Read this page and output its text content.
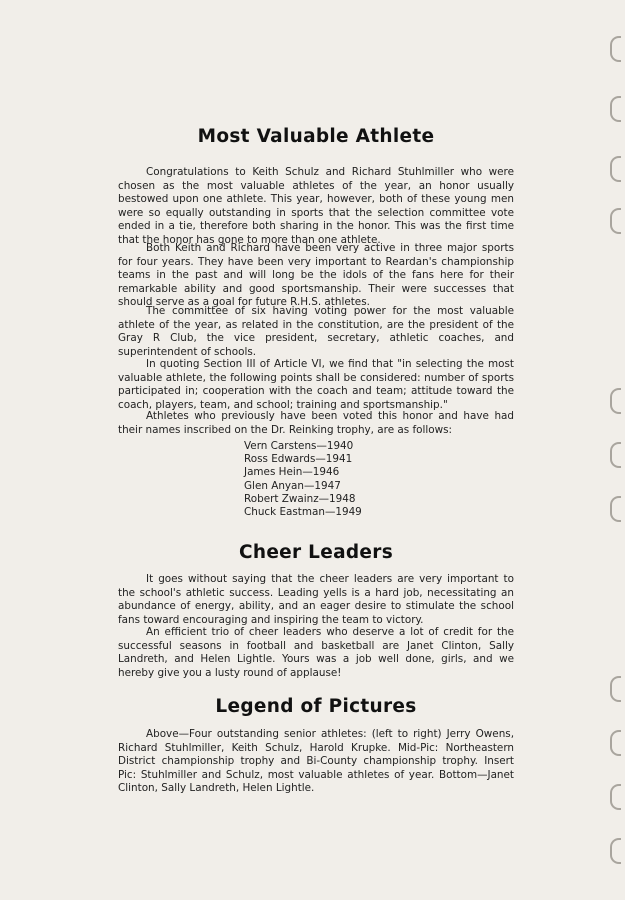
Most Valuable Athlete

Congratulations to Keith Schulz and Richard Stuhlmiller who were chosen as the most valuable athletes of the year, an honor usually bestowed upon one athlete. This year, however, both of these young men were so equally outstanding in sports that the selection committee vote ended in a tie, therefore both sharing in the honor. This was the first time that the honor has gone to more than one athlete.

Both Keith and Richard have been very active in three major sports for four years. They have been very important to Reardan's championship teams in the past and will long be the idols of the fans here for their remarkable ability and good sportsmanship. Their were successes that should serve as a goal for future R.H.S. athletes.

The committee of six having voting power for the most valuable athlete of the year, as related in the constitution, are the president of the Gray R Club, the vice president, secretary, athletic coaches, and superintendent of schools.

In quoting Section III of Article VI, we find that "in selecting the most valuable athlete, the following points shall be considered: number of sports participated in; cooperation with the coach and team; attitude toward the coach, players, team, and school; training and sportsmanship."

Athletes who previously have been voted this honor and have had their names inscribed on the Dr. Reinking trophy, are as follows:

Vern Carstens—1940
Ross Edwards—1941
James Hein—1946
Glen Anyan—1947
Robert Zwainz—1948
Chuck Eastman—1949
Cheer Leaders

It goes without saying that the cheer leaders are very important to the school's athletic success. Leading yells is a hard job, necessitating an abundance of energy, ability, and an eager desire to stimulate the school fans toward encouraging and inspiring the team to victory.

An efficient trio of cheer leaders who deserve a lot of credit for the successful seasons in football and basketball are Janet Clinton, Sally Landreth, and Helen Lightle. Yours was a job well done, girls, and we hereby give you a lusty round of applause!

Legend of Pictures

Above—Four outstanding senior athletes: (left to right) Jerry Owens, Richard Stuhlmiller, Keith Schulz, Harold Krupke. Mid-Pic: Northeastern District championship trophy and Bi-County championship trophy. Insert Pic: Stuhlmiller and Schulz, most valuable athletes of year. Bottom—Janet Clinton, Sally Landreth, Helen Lightle.
